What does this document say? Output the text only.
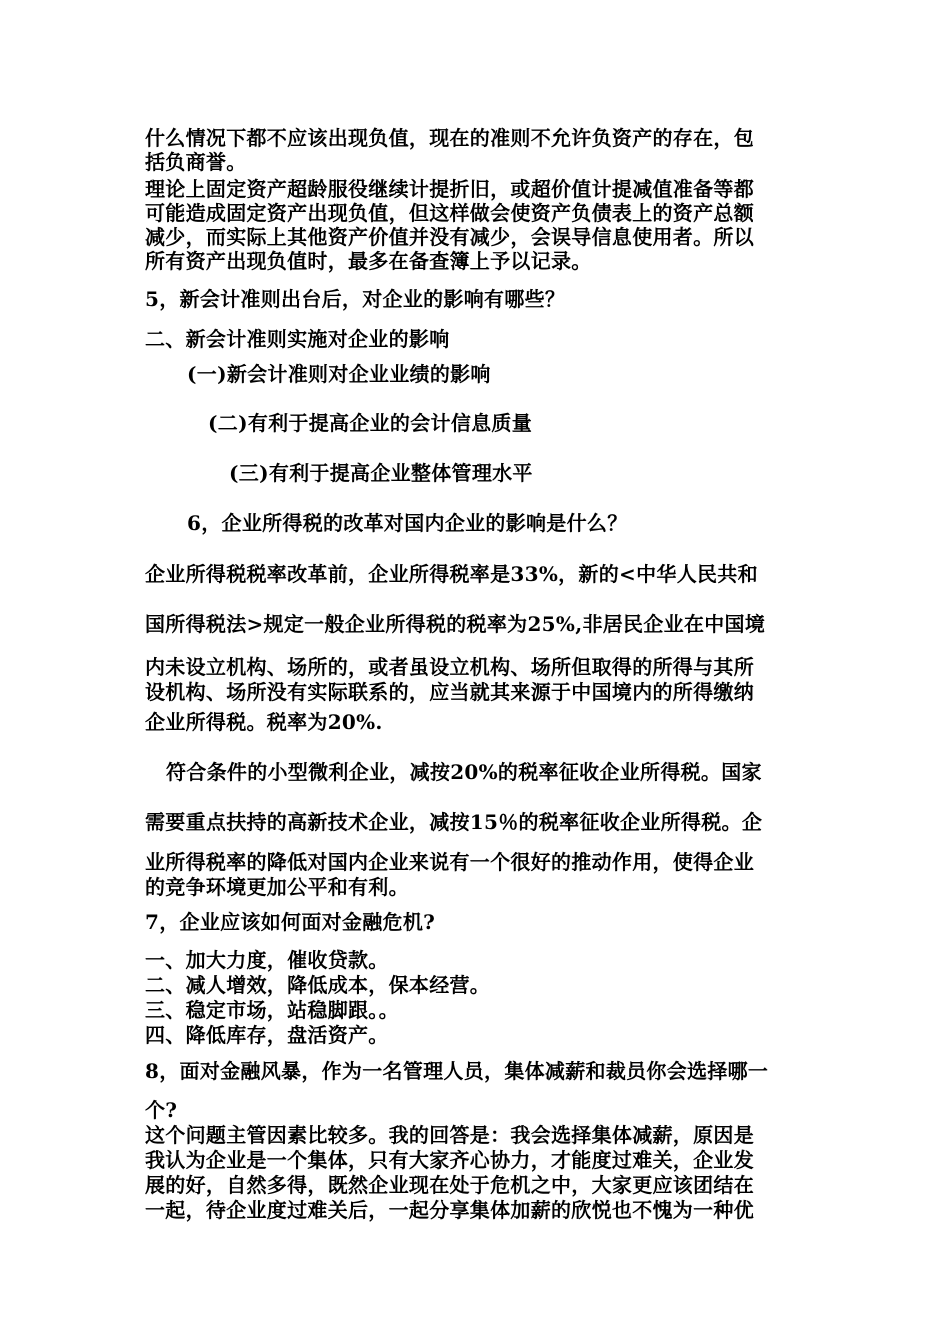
什么情况下都不应该出现负值，现在的准则不允许负资产的存在，包
括负商誉。
理论上固定资产超龄服役继续计提折旧，或超价值计提减值准备等都
可能造成固定资产出现负值，但这样做会使资产负债表上的资产总额
减少，而实际上其他资产价值并没有减少，会误导信息使用者。所以
所有资产出现负值时，最多在备查簿上予以记录。
5，新会计准则出台后，对企业的影响有哪些？
二、新会计准则实施对企业的影响
(一)新会计准则对企业业绩的影响
(二)有利于提高企业的会计信息质量
(三)有利于提高企业整体管理水平
6，企业所得税的改革对国内企业的影响是什么？
企业所得税税率改革前，企业所得税率是33%，新的<中华人民共和
国所得税法>规定一般企业所得税的税率为25%,非居民企业在中国境
内未设立机构、场所的，或者虽设立机构、场所但取得的所得与其所
设机构、场所没有实际联系的，应当就其来源于中国境内的所得缴纳
企业所得税。税率为20%.
符合条件的小型微利企业，减按20%的税率征收企业所得税。国家
需要重点扶持的高新技术企业，减按15％的税率征收企业所得税。企
业所得税率的降低对国内企业来说有一个很好的推动作用，使得企业
的竞争环境更加公平和有利。
7，企业应该如何面对金融危机?
一、加大力度，催收贷款。
二、减人增效，降低成本，保本经营。
三、稳定市场，站稳脚跟。。
四、降低库存，盘活资产。
8，面对金融风暴，作为一名管理人员，集体减薪和裁员你会选择哪一
个?
这个问题主管因素比较多。我的回答是：我会选择集体减薪，原因是
我认为企业是一个集体，只有大家齐心协力，才能度过难关，企业发
展的好，自然多得，既然企业现在处于危机之中，大家更应该团结在
一起，待企业度过难关后，一起分享集体加薪的欣悦也不愧为一种优
